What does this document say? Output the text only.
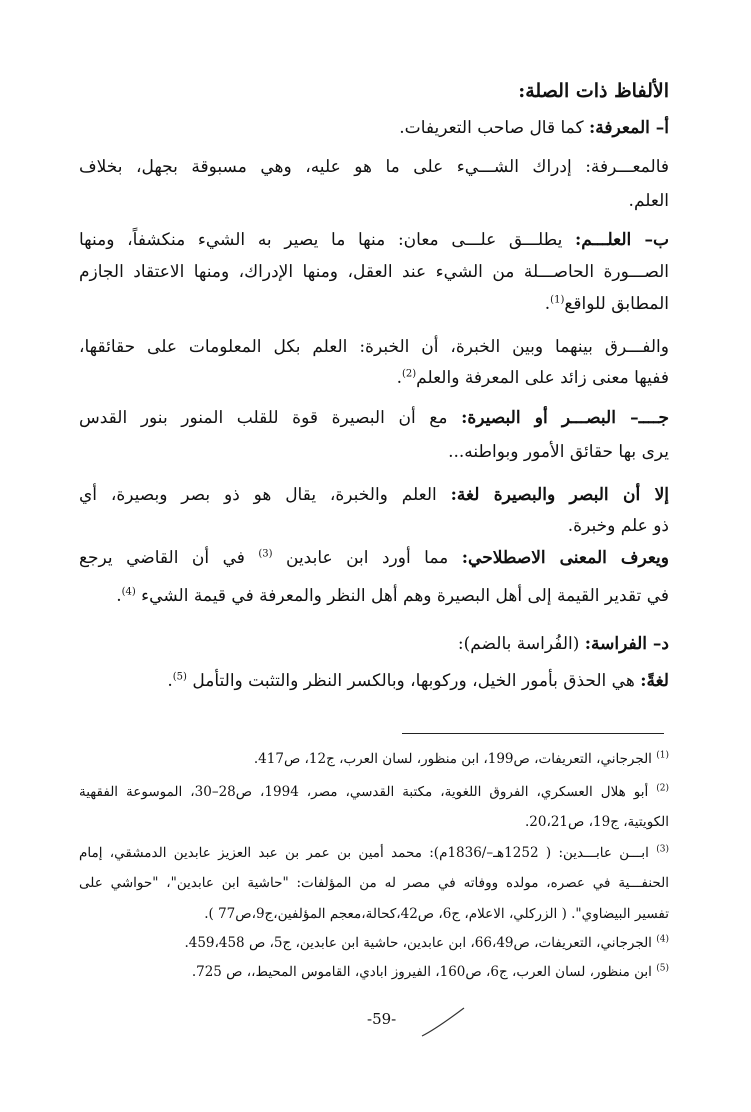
الألفاظ ذات الصلة:
أ– المعرفة: كما قال صاحب التعريفات.
فالمعـــرفة: إدراك الشـــيء على ما هو عليه، وهي مسبوقة بجهل، بخلاف
العلم.
ب– العلـــم: يطلـــق علـــى معان: منها ما يصير به الشيء منكشفاً، ومنها
الصـــورة الحاصـــلة من الشيء عند العقل، ومنها الإدراك، ومنها الاعتقاد الجازم
المطابق للواقع$^{(1)}$.
والفـــرق بينهما وبين الخبرة، أن الخبرة: العلم بكل المعلومات على حقائقها،
ففيها معنى زائد على المعرفة والعلم$^{(2)}$.
جــــ– البصـــر أو البصيرة: مع أن البصيرة قوة للقلب المنور بنور القدس
يرى بها حقائق الأمور وبواطنه...
إلا أن البصر والبصيرة لغة: العلم والخبرة، يقال هو ذو بصر وبصيرة، أي
ذو علم وخبرة.
ويعرف المعنى الاصطلاحي: مما أورد ابن عابدين $^{(3)}$ في أن القاضي يرجع
في تقدير القيمة إلى أهل البصيرة وهم أهل النظر والمعرفة في قيمة الشيء $^{(4)}$.
د– الفراسة: (الفُراسة بالضم):
لغةً: هي الحذق بأمور الخيل، وركوبها، وبالكسر النظر والتثبت والتأمل $^{(5)}$.
$^{(1)}$ الجرجاني، التعريفات، ص199، ابن منظور، لسان العرب، ج12، ص417.
$^{(2)}$ أبو هلال العسكري، الفروق اللغوية، مكتبة القدسي، مصر، 1994، ص28–30، الموسوعة الفقهية
الكويتية، ج19، ص20،21.
$^{(3)}$ ابـــن عابـــدين: ( 1252هـ–/1836م): محمد أمين بن عمر بن عبد العزيز عابدين الدمشقي، إمام
الحنفـــية في عصره، مولده ووفاته في مصر له من المؤلفات: "حاشية ابن عابدين"، "حواشي على
تفسير البيضاوي". ( الزركلي، الاعلام، ج6، ص42،كحالة،معجم المؤلفين،ج9،ص77 ).
$^{(4)}$ الجرجاني، التعريفات، ص66،49، ابن عابدين، حاشية ابن عابدين، ج5، ص 459،458.
$^{(5)}$ ابن منظور، لسان العرب، ج6، ص160، الفيروز ابادي، القاموس المحيط،، ص 725.
-59-
